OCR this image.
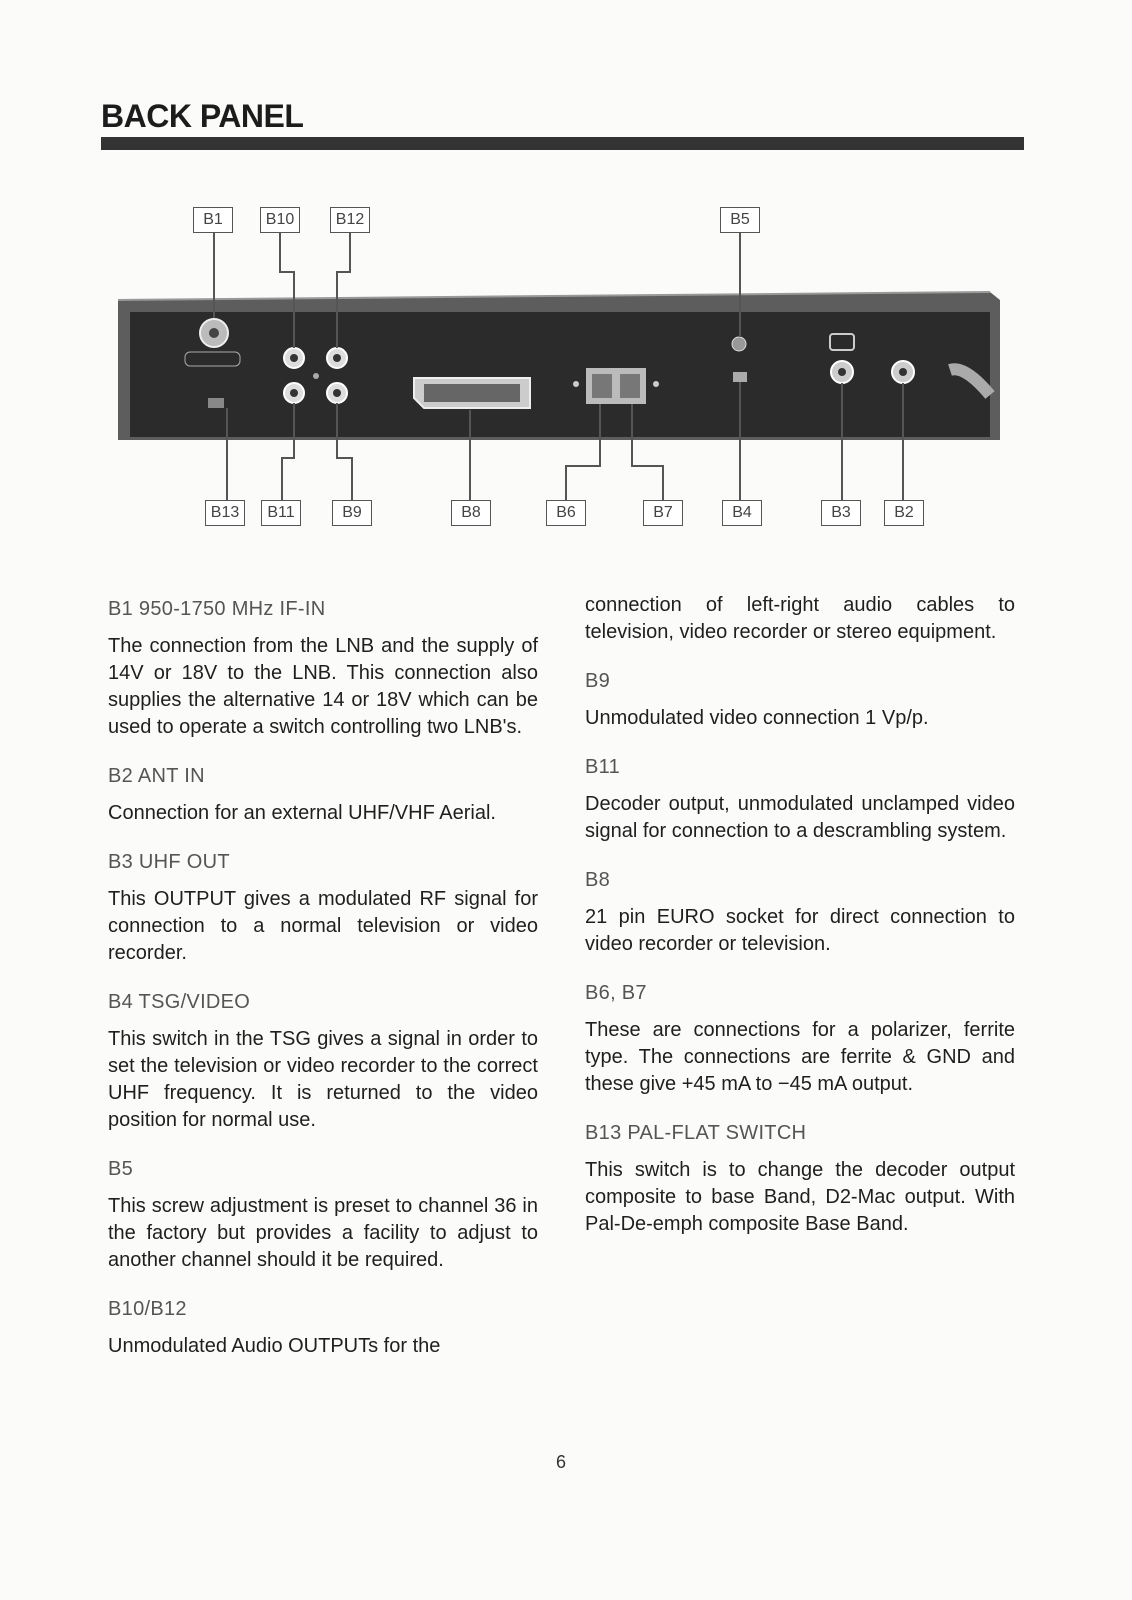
BACK PANEL
B1	B10	B12	B5
B13	B11	B9	B8	B6	B7	B4	B3	B2
B1 950-1750 MHz IF-IN

The connection from the LNB and the supply of 14V or 18V to the LNB. This connection also supplies the alternative 14 or 18V which can be used to operate a switch controlling two LNB's.

B2 ANT IN

Connection for an external UHF/VHF Aerial.

B3 UHF OUT

This OUTPUT gives a modulated RF signal for connection to a normal television or video recorder.

B4 TSG/VIDEO

This switch in the TSG gives a signal in order to set the television or video recorder to the correct UHF frequency. It is returned to the video position for normal use.

B5

This screw adjustment is preset to channel 36 in the factory but provides a facility to adjust to another channel should it be required.

B10/B12

Unmodulated Audio OUTPUTs for the

connection of left-right audio cables to television, video recorder or stereo equipment.

B9

Unmodulated video connection 1 Vp/p.

B11

Decoder output, unmodulated unclamped video signal for connection to a descrambling system.

B8

21 pin EURO socket for direct connection to video recorder or television.

B6, B7

These are connections for a polarizer, ferrite type. The connections are ferrite & GND and these give +45 mA to −45 mA output.

B13 PAL-FLAT SWITCH

This switch is to change the decoder output composite to base Band, D2-Mac output. With Pal-De-emph composite Base Band.

6
